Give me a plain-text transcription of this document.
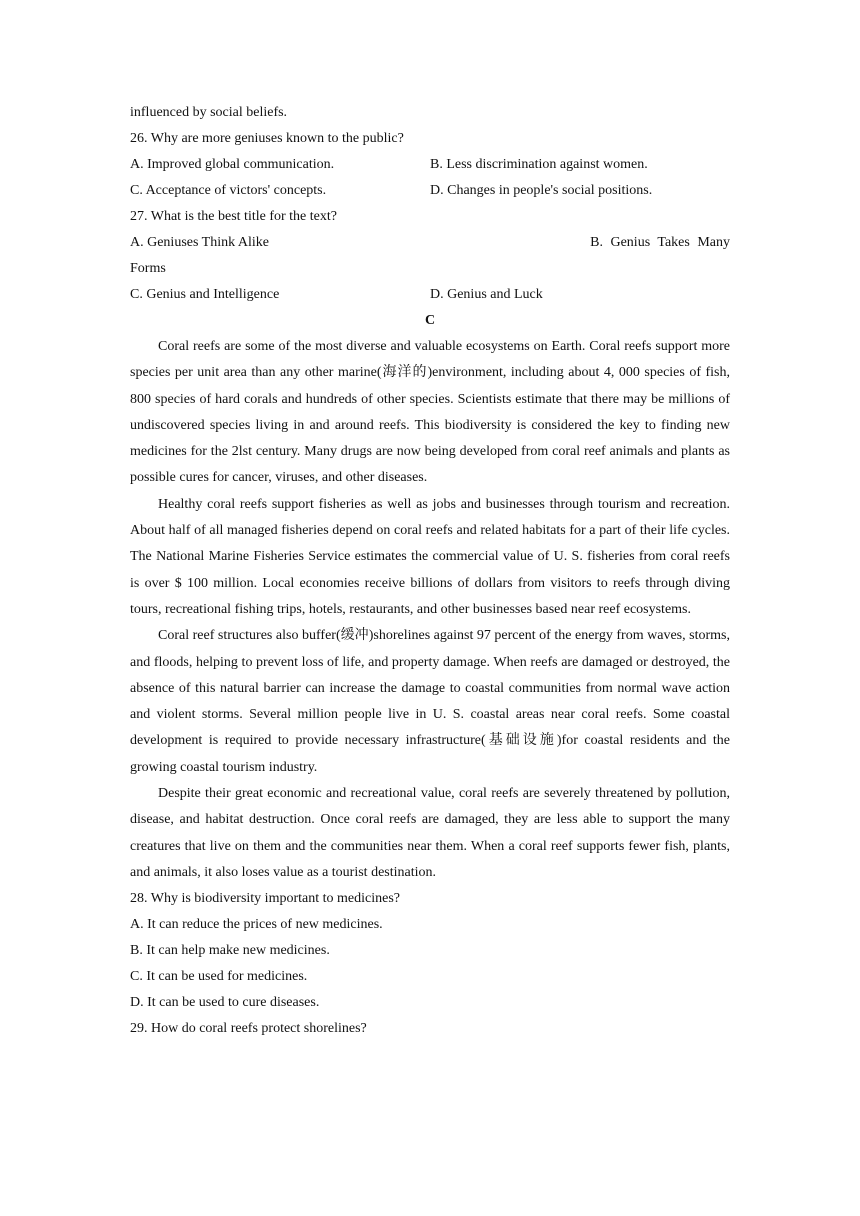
influenced by social beliefs.
26. Why are more geniuses known to the public?
A. Improved global communication.	B. Less discrimination against women.
C. Acceptance of victors' concepts.	D. Changes in people's social positions.
27. What is the best title for the text?
A. Geniuses Think Alike	B. Genius Takes Many
Forms
C. Genius and Intelligence	D. Genius and Luck
C

Coral reefs are some of the most diverse and valuable ecosystems on Earth. Coral reefs support more species per unit area than any other marine(海洋的)environment, including about 4, 000 species of fish, 800 species of hard corals and hundreds of other species. Scientists estimate that there may be millions of undiscovered species living in and around reefs. This biodiversity is considered the key to finding new medicines for the 2lst century. Many drugs are now being developed from coral reef animals and plants as possible cures for cancer, viruses, and other diseases.

Healthy coral reefs support fisheries as well as jobs and businesses through tourism and recreation. About half of all managed fisheries depend on coral reefs and related habitats for a part of their life cycles. The National Marine Fisheries Service estimates the commercial value of U. S. fisheries from coral reefs is over $ 100 million. Local economies receive billions of dollars from visitors to reefs through diving tours, recreational fishing trips, hotels, restaurants, and other businesses based near reef ecosystems.

Coral reef structures also buffer(缓冲)shorelines against 97 percent of the energy from waves, storms, and floods, helping to prevent loss of life, and property damage. When reefs are damaged or destroyed, the absence of this natural barrier can increase the damage to coastal communities from normal wave action and violent storms. Several million people live in U. S. coastal areas near coral reefs. Some coastal development is required to provide necessary infrastructure(基础设施)for coastal residents and the growing coastal tourism industry.

Despite their great economic and recreational value, coral reefs are severely threatened by pollution, disease, and habitat destruction. Once coral reefs are damaged, they are less able to support the many creatures that live on them and the communities near them. When a coral reef supports fewer fish, plants, and animals, it also loses value as a tourist destination.

28. Why is biodiversity important to medicines?
A. It can reduce the prices of new medicines.
B. It can help make new medicines.
C. It can be used for medicines.
D. It can be used to cure diseases.
29. How do coral reefs protect shorelines?
